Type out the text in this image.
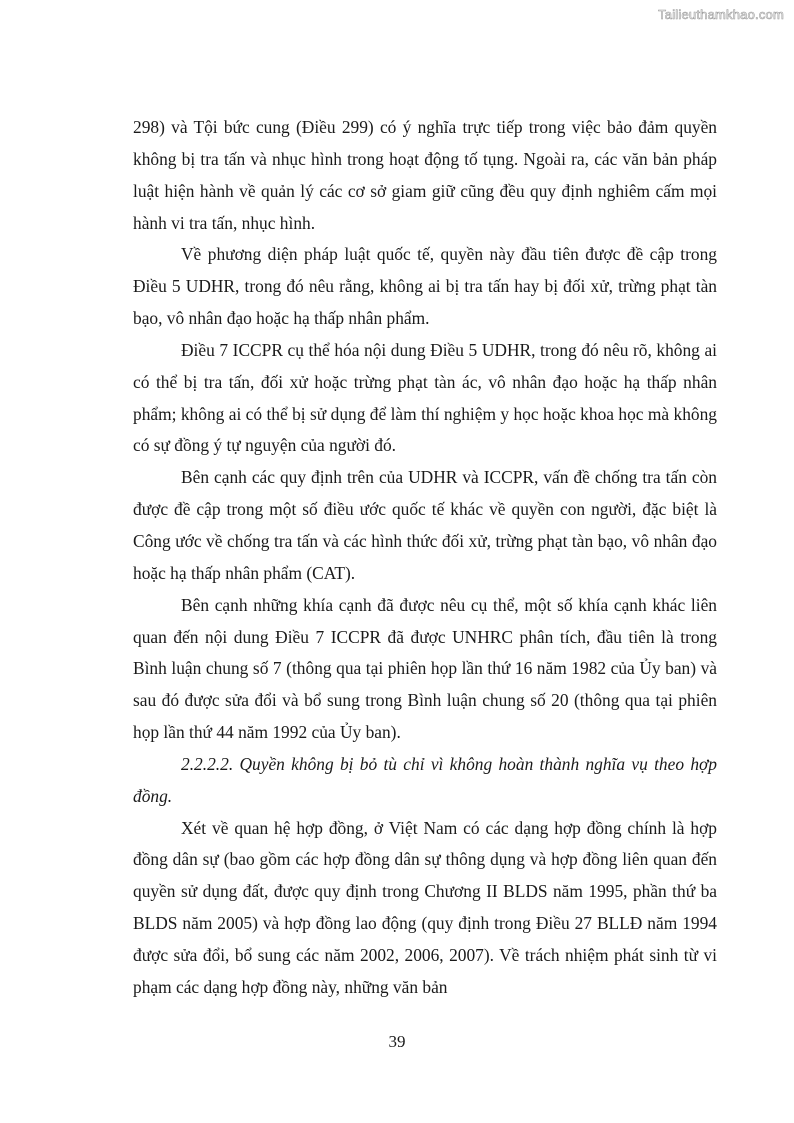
Tailieuthamkhao.com

298) và Tội bức cung (Điều 299) có ý nghĩa trực tiếp trong việc bảo đảm quyền không bị tra tấn và nhục hình trong hoạt động tố tụng. Ngoài ra, các văn bản pháp luật hiện hành về quản lý các cơ sở giam giữ cũng đều quy định nghiêm cấm mọi hành vi tra tấn, nhục hình.

Về phương diện pháp luật quốc tế, quyền này đầu tiên được đề cập trong Điều 5 UDHR, trong đó nêu rằng, không ai bị tra tấn hay bị đối xử, trừng phạt tàn bạo, vô nhân đạo hoặc hạ thấp nhân phẩm.

Điều 7 ICCPR cụ thể hóa nội dung Điều 5 UDHR, trong đó nêu rõ, không ai có thể bị tra tấn, đối xử hoặc trừng phạt tàn ác, vô nhân đạo hoặc hạ thấp nhân phẩm; không ai có thể bị sử dụng để làm thí nghiệm y học hoặc khoa học mà không có sự đồng ý tự nguyện của người đó.

Bên cạnh các quy định trên của UDHR và ICCPR, vấn đề chống tra tấn còn được đề cập trong một số điều ước quốc tế khác về quyền con người, đặc biệt là Công ước về chống tra tấn và các hình thức đối xử, trừng phạt tàn bạo, vô nhân đạo hoặc hạ thấp nhân phẩm (CAT).

Bên cạnh những khía cạnh đã được nêu cụ thể, một số khía cạnh khác liên quan đến nội dung Điều 7 ICCPR đã được UNHRC phân tích, đầu tiên là trong Bình luận chung số 7 (thông qua tại phiên họp lần thứ 16 năm 1982 của Ủy ban) và sau đó được sửa đổi và bổ sung trong Bình luận chung số 20 (thông qua tại phiên họp lần thứ 44 năm 1992 của Ủy ban).

2.2.2.2. Quyền không bị bỏ tù chỉ vì không hoàn thành nghĩa vụ theo hợp đồng.

Xét về quan hệ hợp đồng, ở Việt Nam có các dạng hợp đồng chính là hợp đồng dân sự (bao gồm các hợp đồng dân sự thông dụng và hợp đồng liên quan đến quyền sử dụng đất, được quy định trong Chương II BLDS năm 1995, phần thứ ba BLDS năm 2005) và hợp đồng lao động (quy định trong Điều 27 BLLĐ năm 1994 được sửa đổi, bổ sung các năm 2002, 2006, 2007). Về trách nhiệm phát sinh từ vi phạm các dạng hợp đồng này, những văn bản

39
